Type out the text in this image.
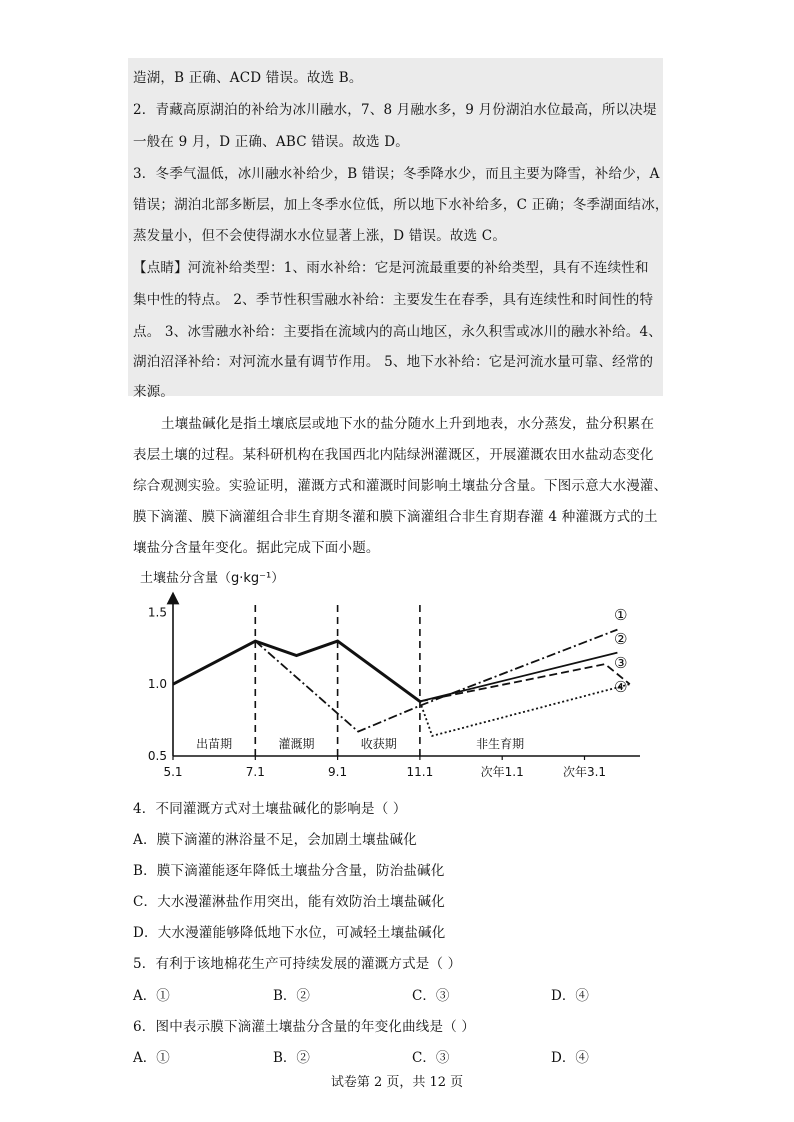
造湖，B 正确、ACD 错误。故选 B。
2．青藏高原湖泊的补给为冰川融水，7、8 月融水多，9 月份湖泊水位最高，所以决堤
一般在 9 月，D 正确、ABC 错误。故选 D。
3．冬季气温低，冰川融水补给少，B 错误；冬季降水少，而且主要为降雪，补给少，A
错误；湖泊北部多断层，加上冬季水位低，所以地下水补给多，C 正确；冬季湖面结冰，
蒸发量小，但不会使得湖水水位显著上涨，D 错误。故选 C。
【点睛】河流补给类型：1、雨水补给：它是河流最重要的补给类型，具有不连续性和
集中性的特点。 2、季节性积雪融水补给：主要发生在春季，具有连续性和时间性的特
点。 3、冰雪融水补给：主要指在流域内的高山地区，永久积雪或冰川的融水补给。4、
湖泊沼泽补给：对河流水量有调节作用。 5、地下水补给：它是河流水量可靠、经常的
来源。
土壤盐碱化是指土壤底层或地下水的盐分随水上升到地表，水分蒸发，盐分积累在
表层土壤的过程。某科研机构在我国西北内陆绿洲灌溉区，开展灌溉农田水盐动态变化
综合观测实验。实验证明，灌溉方式和灌溉时间影响土壤盐分含量。下图示意大水漫灌、
膜下滴灌、膜下滴灌组合非生育期冬灌和膜下滴灌组合非生育期春灌 4 种灌溉方式的土
壤盐分含量年变化。据此完成下面小题。
土壤盐分含量（g·kg⁻¹）
出苗期	灌溉期	收获期	非生育期
5.1	7.1	9.1	11.1	次年1.1	次年3.1
1.5
1.0
0.5
①
②
③
④
4．不同灌溉方式对土壤盐碱化的影响是（ ）
A．膜下滴灌的淋浴量不足，会加剧土壤盐碱化
B．膜下滴灌能逐年降低土壤盐分含量，防治盐碱化
C．大水漫灌淋盐作用突出，能有效防治土壤盐碱化
D．大水漫灌能够降低地下水位，可减轻土壤盐碱化
5．有利于该地棉花生产可持续发展的灌溉方式是（ ）
A．①	B．②	C．③	D．④
6．图中表示膜下滴灌土壤盐分含量的年变化曲线是（ ）
A．①	B．②	C．③	D．④
试卷第 2 页，共 12 页
